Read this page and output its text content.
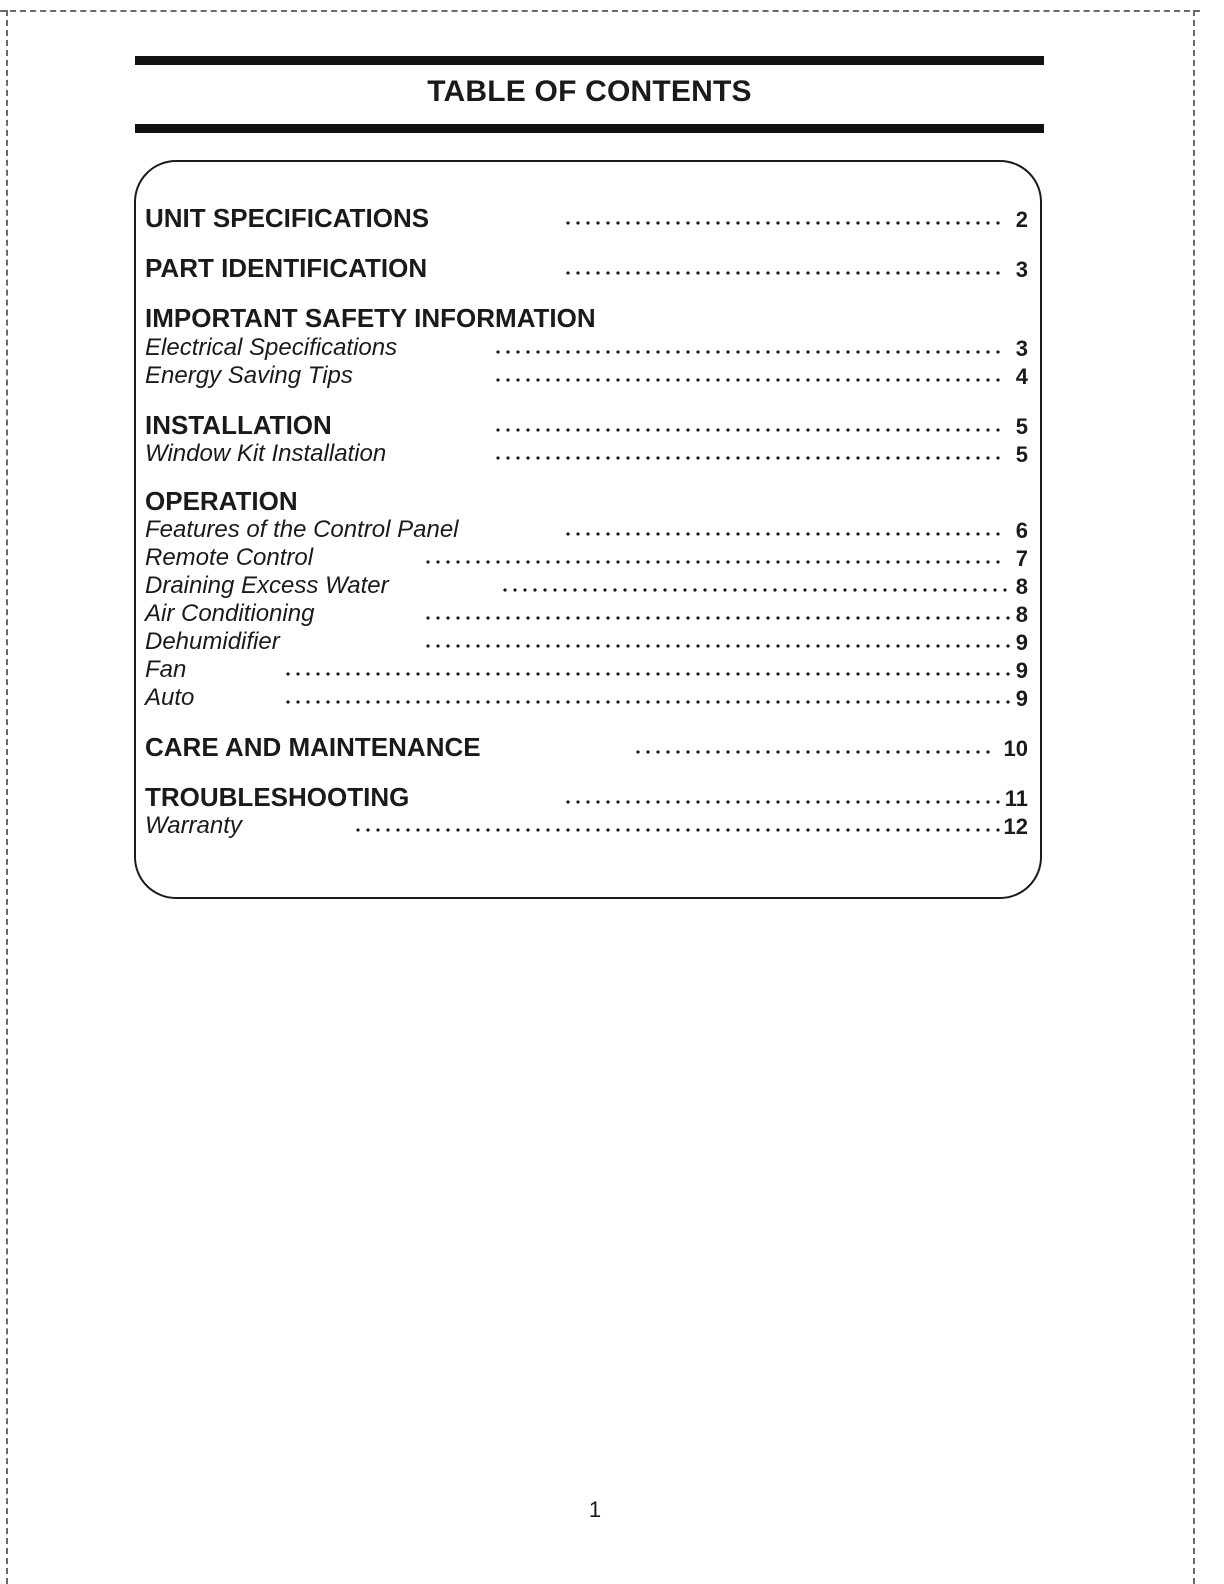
TABLE OF CONTENTS
UNIT SPECIFICATIONS	2
PART IDENTIFICATION	3
IMPORTANT SAFETY INFORMATION
Electrical Specifications	3
Energy Saving Tips	4
INSTALLATION	5
Window Kit Installation	5
OPERATION
Features of the Control Panel	6
Remote Control	7
Draining Excess Water	8
Air Conditioning	8
Dehumidifier	9
Fan	9
Auto	9
CARE AND MAINTENANCE	10
TROUBLESHOOTING	11
Warranty	12
1
